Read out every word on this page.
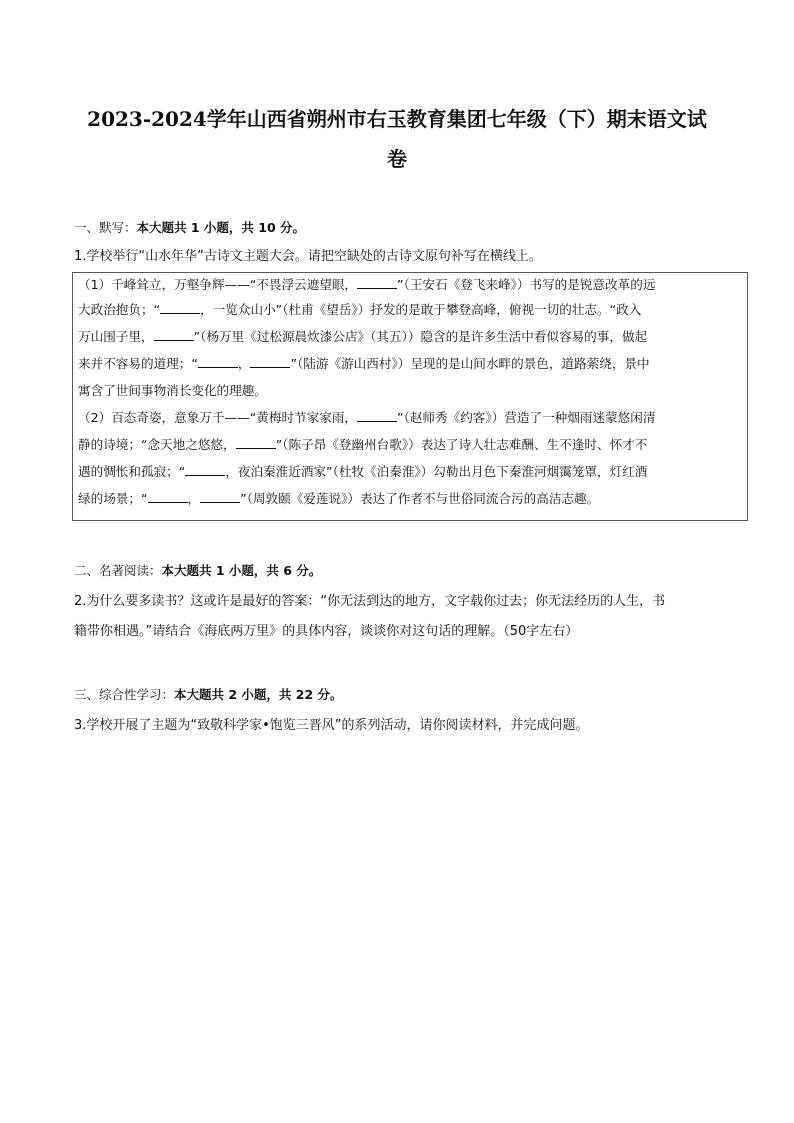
2023-2024学年山西省朔州市右玉教育集团七年级（下）期末语文试
卷
一、默写：本大题共 1 小题，共 10 分。
1.学校举行“山水年华”古诗文主题大会。请把空缺处的古诗文原句补写在横线上。
（1）千峰耸立，万壑争辉——“不畏浮云遮望眼，	”（王安石《登飞来峰》）书写的是锐意改革的远
大政治抱负；“	，一览众山小”（杜甫《望岳》）抒发的是敢于攀登高峰，俯视一切的壮志。“政入
万山围子里，	”（杨万里《过松源晨炊漆公店》（其五））隐含的是许多生活中看似容易的事，做起
来并不容易的道理；“	，	”（陆游《游山西村》）呈现的是山间水畔的景色，道路萦绕，景中
寓含了世间事物消长变化的理趣。
（2）百态奇姿，意象万千——“黄梅时节家家雨，	”（赵师秀《约客》）营造了一种烟雨迷蒙悠闲清
静的诗境；“念天地之悠悠，	”（陈子昂《登幽州台歌》）表达了诗人壮志难酬、生不逢时、怀才不
遇的惆怅和孤寂；“	，夜泊秦淮近酒家”（杜牧《泊秦淮》）勾勒出月色下秦淮河烟霭笼罩，灯红酒
绿的场景；“	，	”（周敦颐《爱莲说》）表达了作者不与世俗同流合污的高洁志趣。
二、名著阅读：本大题共 1 小题，共 6 分。
2.为什么要多读书？这或许是最好的答案：“你无法到达的地方，文字载你过去；你无法经历的人生，书
籍带你相遇。”请结合《海底两万里》的具体内容，谈谈你对这句话的理解。（50字左右）
三、综合性学习：本大题共 2 小题，共 22 分。
3.学校开展了主题为“致敬科学家•饱览三晋风”的系列活动，请你阅读材料，并完成问题。
